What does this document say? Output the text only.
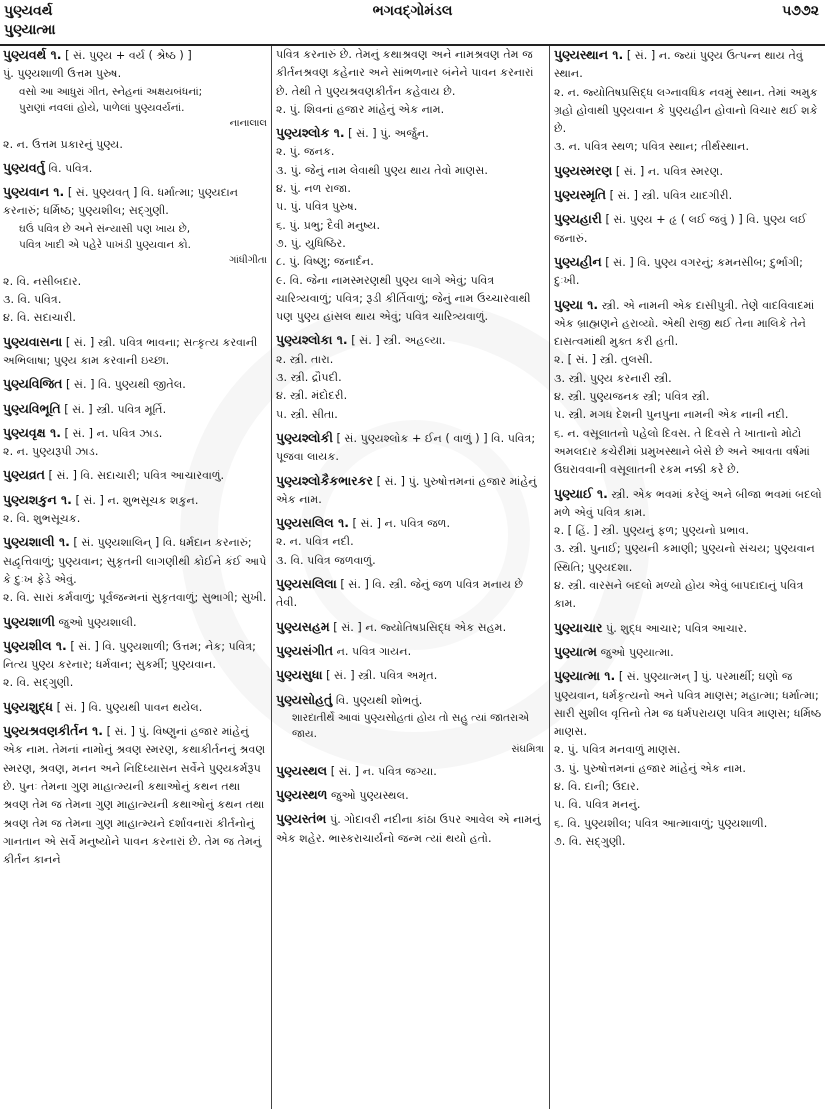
પુણ્યવર્થ
પુણ્યાત્મા
ભગવદ્ગોમંડલ	૫૭૭૨
પુણ્યવર્થ ૧. [ સં. પુણ્ય + વર્ય ( શ્રેષ્ઠ ) ]
પું. પુણ્યશાળી ઉત્તમ પુરુષ.
વસો આ આધુરાં ગીત, સ્નેહનાં અક્ષયબંધનાં;
પુરાણાં નવલાં હોયે, પાળેલાં પુણ્યવર્યનાં.
નાનાલાલ
૨. ન. ઉત્તમ પ્રકારનું પુણ્ય.
પુણ્યવર્તુ વિ. પવિત્ર.
પુણ્યવાન ૧. [ સં. પુણ્યવત્ ] વિ. ધર્માત્મા; પુણ્યદાન કરનારું; ધર્મિષ્ઠ; પુણ્યશીલ; સદ્ગુણી.
ઘઉં પવિત્ર છે અને સંન્યાસી પણ ખાય છે,
પવિત્ર ખાદી એ પહેરે પાખંડી પુણ્યવાન કો.
ગાંધીગીતા
૨. વિ. નસીબદાર.
૩. વિ. પવિત્ર.
૪. વિ. સદાચારી.
પુણ્યવાસના [ સં. ] સ્ત્રી. પવિત્ર ભાવના; સત્કૃત્ય કરવાની અભિલાષા; પુણ્ય કામ કરવાની ઇચ્છા.
પુણ્યવિજિત [ સં. ] વિ. પુણ્યથી જીતેલ.
પુણ્યવિભૂતિ [ સં. ] સ્ત્રી. પવિત્ર મૂર્તિ.
પુણ્યવૃક્ષ ૧. [ સં. ] ન. પવિત્ર ઝાડ.
૨. ન. પુણ્યરૂપી ઝાડ.
પુણ્યવ્રત [ સં. ] વિ. સદાચારી; પવિત્ર આચારવાળું.
પુણ્યશકુન ૧. [ સં. ] ન. શુભસૂચક શકુન.
૨. વિ. શુભસૂચક.
પુણ્યશાલી ૧. [ સં. પુણ્યશાલિન્ ] વિ. ધર્મદાન કરનારું; સદ્વૃત્તિવાળું; પુણ્યવાન; સુકૃતની લાગણીથી કોઈને કંઈ આપે કે દુઃખ ફેડે એવું.
૨. વિ. સારાં કર્મવાળું; પૂર્વજન્મનાં સુકૃતવાળું; સુભાગી; સુખી.
પુણ્યશાળી જુઓ પુણ્યશાલી.
પુણ્યશીલ ૧. [ સં. ] વિ. પુણ્યશાળી; ઉત્તમ; નેક; પવિત્ર; નિત્ય પુણ્ય કરનાર; ધર્મવાન; સુકર્મી; પુણ્યવાન.
૨. વિ. સદ્ગુણી.
પુણ્યશુદ્ધ [ સં. ] વિ. પુણ્યથી પાવન થયેલ.
પુણ્યશ્રવણકીર્તન ૧. [ સં. ] પું. વિષ્ણુનાં હજાર માંહેનું એક નામ. તેમનાં નામોનું શ્રવણ સ્મરણ, કથાકીર્તનનું શ્રવણ સ્મરણ, શ્રવણ, મનન અને નિદિધ્યાસન સર્વેને પુણ્યકર્મરૂપ છે. પુનઃ તેમના ગુણ માહાત્મ્યની કથાઓનું કથન તથા શ્રવણ તેમ જ તેમના ગુણ માહાત્મ્યની કથાઓનું કથન તથા શ્રવણ તેમ જ તેમના ગુણ માહાત્મ્યને દર્શાવનારાં કીર્તનોનું ગાનતાન એ સર્વે મનુષ્યોને પાવન કરનારાં છે. તેમ જ તેમનું કીર્તન કાનને
પવિત્ર કરનારું છે. તેમનું કથાશ્રવણ અને નામશ્રવણ તેમ જ કીર્તનશ્રવણ કહેનાર અને સાંભળનાર બંનેને પાવન કરનારાં છે. તેથી તે પુણ્યશ્રવણકીર્તન કહેવાય છે.
૨. પું. શિવનાં હજાર માંહેનું એક નામ.
પુણ્યશ્લોક ૧. [ સં. ] પું. અર્જુન.
૨. પું. જનક.
૩. પું. જેનું નામ લેવાથી પુણ્ય થાય તેવો માણસ.
૪. પું. નળ રાજા.
૫. પું. પવિત્ર પુરુષ.
૬. પું. પ્રભુ; દૈવી મનુષ્ય.
૭. પું. યુધિષ્ઠિર.
૮. પું. વિષ્ણુ; જનાર્દન.
૯. વિ. જેના નામસ્મરણથી પુણ્ય લાગે એવું; પવિત્ર ચારિત્ર્યવાળું; પવિત્ર; રૂડી કીર્તિવાળું; જેનું નામ ઉચ્ચારવાથી પણ પુણ્ય હાંસલ થાય એવું; પવિત્ર ચારિત્ર્યવાળું.
પુણ્યશ્લોકા ૧. [ સં. ] સ્ત્રી. અહલ્યા.
૨. સ્ત્રી. તારા.
૩. સ્ત્રી. દ્રૌપદી.
૪. સ્ત્રી. મંદોદરી.
૫. સ્ત્રી. સીતા.
પુણ્યશ્લોકી [ સં. પુણ્યશ્લોક + ઈન ( વાળું ) ] વિ. પવિત્ર; પૂજવા લાયક.
પુણ્યશ્લોકૈકભારકર [ સં. ] પું. પુરુષોત્તમનાં હજાર માંહેનું એક નામ.
પુણ્યસલિલ ૧. [ સં. ] ન. પવિત્ર જળ.
૨. ન. પવિત્ર નદી.
૩. વિ. પવિત્ર જળવાળું.
પુણ્યસલિલા [ સં. ] વિ. સ્ત્રી. જેનું જળ પવિત્ર મનાય છે તેવી.
પુણ્યસહમ [ સં. ] ન. જ્યોતિષપ્રસિદ્ધ એક સહમ.
પુણ્યસંગીત ન. પવિત્ર ગાયન.
પુણ્યસુધા [ સં. ] સ્ત્રી. પવિત્ર અમૃત.
પુણ્યસોહતું વિ. પુણ્યથી શોભતું.
શારદાતીર્થે આવાં પુણ્યસોહતાં હોય તો સહુ ત્યાં જાતરાએ જાય.
સંઘમિત્રા
પુણ્યસ્થલ [ સં. ] ન. પવિત્ર જગ્યા.
પુણ્યસ્થળ જુઓ પુણ્યસ્થલ.
પુણ્યસ્તંભ પું. ગોદાવરી નદીના કાંઠા ઉપર આવેલ એ નામનું એક શહેર. ભાસ્કરાચાર્યનો જન્મ ત્યાં થયો હતો.
પુણ્યસ્થાન ૧. [ સં. ] ન. જ્યાં પુણ્ય ઉત્પન્ન થાય તેવું સ્થાન.
૨. ન. જ્યોતિષપ્રસિદ્ધ લગ્નાવધિક નવમું સ્થાન. તેમાં અમુક ગ્રહો હોવાથી પુણ્યવાન કે પુણ્યહીન હોવાનો વિચાર થઈ શકે છે.
૩. ન. પવિત્ર સ્થળ; પવિત્ર સ્થાન; તીર્થસ્થાન.
પુણ્યસ્મરણ [ સં. ] ન. પવિત્ર સ્મરણ.
પુણ્યસ્મૃતિ [ સં. ] સ્ત્રી. પવિત્ર યાદગીરી.
પુણ્યહારી [ સં. પુણ્ય + હૃ ( લઈ જવું ) ] વિ. પુણ્ય લઈ જનારું.
પુણ્યહીન [ સં. ] વિ. પુણ્ય વગરનું; કમનસીબ; દુર્ભાગી; દુઃખી.
પુણ્યા ૧. સ્ત્રી. એ નામની એક દાસીપુત્રી. તેણે વાદવિવાદમાં એક બ્રાહ્મણને હરાવ્યો. એથી રાજી થઈ તેના માલિકે તેને દાસત્વમાંથી મુક્ત કરી હતી.
૨. [ સં. ] સ્ત્રી. તુલસી.
૩. સ્ત્રી. પુણ્ય કરનારી સ્ત્રી.
૪. સ્ત્રી. પુણ્યજનક સ્ત્રી; પવિત્ર સ્ત્રી.
૫. સ્ત્રી. મગધ દેશની પુનપુના નામની એક નાની નદી.
૬. ન. વસૂલાતનો પહેલો દિવસ. તે દિવસે તે ખાતાનો મોટો અમલદાર કચેરીમાં પ્રમુખસ્થાને બેસે છે અને આવતા વર્ષમાં ઉઘરાવવાની વસૂલાતની રકમ નક્કી કરે છે.
પુણ્યાઈ ૧. સ્ત્રી. એક ભવમાં કરેલું અને બીજા ભવમાં બદલો મળે એવું પવિત્ર કામ.
૨. [ હિં. ] સ્ત્રી. પુણ્યનું ફળ; પુણ્યનો પ્રભાવ.
૩. સ્ત્રી. પુનાઈ; પુણ્યની કમાણી; પુણ્યનો સંચય; પુણ્યવાન સ્થિતિ; પુણ્યદશા.
૪. સ્ત્રી. વારસને બદલો મળ્યો હોય એવું બાપદાદાનું પવિત્ર કામ.
પુણ્યાચાર પું. શુદ્ધ આચાર; પવિત્ર આચાર.
પુણ્યાત્મ જુઓ પુણ્યાત્મા.
પુણ્યાત્મા ૧. [ સં. પુણ્યાત્મન્ ] પું. પરમાર્થી; ઘણો જ પુણ્યવાન, ધર્મકૃત્યનો અને પવિત્ર માણસ; મહાત્મા; ધર્માત્મા; સારી સુશીલ વૃત્તિનો તેમ જ ધર્મપરાયણ પવિત્ર માણસ; ધર્મિષ્ઠ માણસ.
૨. પું. પવિત્ર મનવાળું માણસ.
૩. પું. પુરુષોત્તમનાં હજાર માંહેનું એક નામ.
૪. વિ. દાની; ઉદાર.
૫. વિ. પવિત્ર મનનું.
૬. વિ. પુણ્યશીલ; પવિત્ર આત્માવાળું; પુણ્યશાળી.
૭. વિ. સદ્ગુણી.
